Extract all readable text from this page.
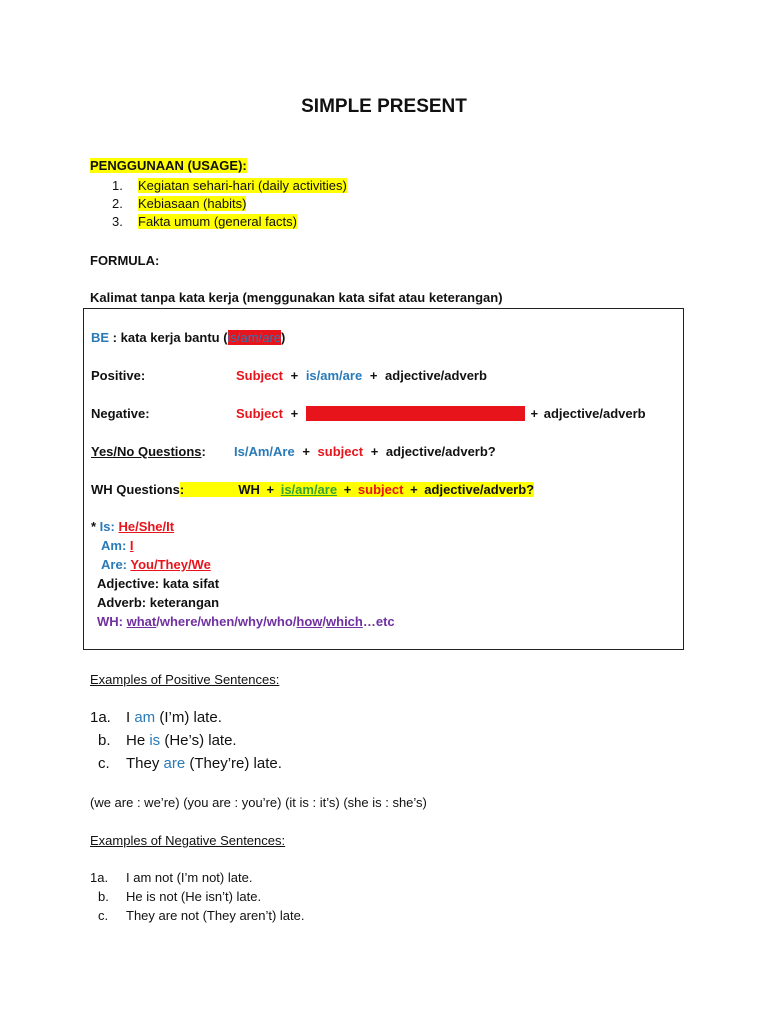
SIMPLE PRESENT
PENGGUNAAN (USAGE):
1. Kegiatan sehari-hari (daily activities)
2. Kebiasaan (habits)
3. Fakta umum (general facts)
FORMULA:
Kalimat tanpa kata kerja (menggunakan kata sifat atau keterangan)
BE : kata kerja bantu (is/am/are)
Positive:	Subject + is/am/are + adjective/adverb
Negative:	Subject + is not (isn't) /am not/are not (aren't) + adjective/adverb
Yes/No Questions: Is/Am/Are + subject + adjective/adverb?
WH Questions:	WH + is/am/are + subject + adjective/adverb?
* Is: He/She/It
Am: I
Are: You/They/We
Adjective: kata sifat
Adverb: keterangan
WH: what/where/when/why/who/how/which…etc
Examples of Positive Sentences:
1a. I am (I’m) late.
b. He is (He’s) late.
c. They are (They’re) late.
(we are : we’re) (you are : you’re) (it is : it’s) (she is : she’s)
Examples of Negative Sentences:
1a. I am not (I’m not) late.
b. He is not (He isn’t) late.
c. They are not (They aren’t) late.
